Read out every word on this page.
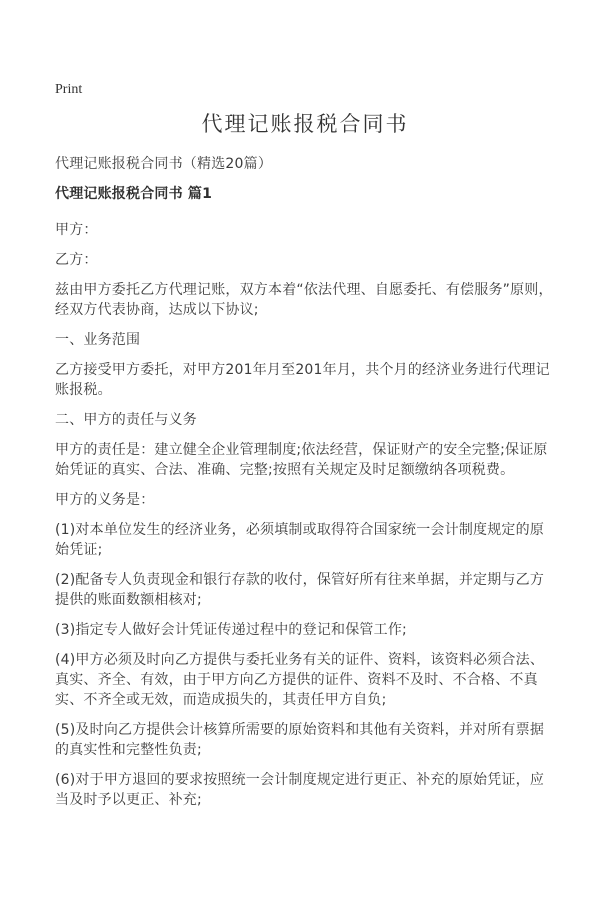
Print
代理记账报税合同书

代理记账报税合同书（精选20篇）

代理记账报税合同书 篇1

甲方：

乙方：

兹由甲方委托乙方代理记账，双方本着“依法代理、自愿委托、有偿服务”原则，经双方代表协商，达成以下协议;

一、业务范围

乙方接受甲方委托，对甲方201年月至201年月，共个月的经济业务进行代理记账报税。

二、甲方的责任与义务

甲方的责任是：建立健全企业管理制度;依法经营，保证财产的安全完整;保证原始凭证的真实、合法、准确、完整;按照有关规定及时足额缴纳各项税费。

甲方的义务是：

(1)对本单位发生的经济业务，必须填制或取得符合国家统一会计制度规定的原始凭证;

(2)配备专人负责现金和银行存款的收付，保管好所有往来单据，并定期与乙方提供的账面数额相核对;

(3)指定专人做好会计凭证传递过程中的登记和保管工作;

(4)甲方必须及时向乙方提供与委托业务有关的证件、资料，该资料必须合法、真实、齐全、有效，由于甲方向乙方提供的证件、资料不及时、不合格、不真实、不齐全或无效，而造成损失的，其责任甲方自负;

(5)及时向乙方提供会计核算所需要的原始资料和其他有关资料，并对所有票据的真实性和完整性负责;

(6)对于甲方退回的要求按照统一会计制度规定进行更正、补充的原始凭证，应当及时予以更正、补充;
